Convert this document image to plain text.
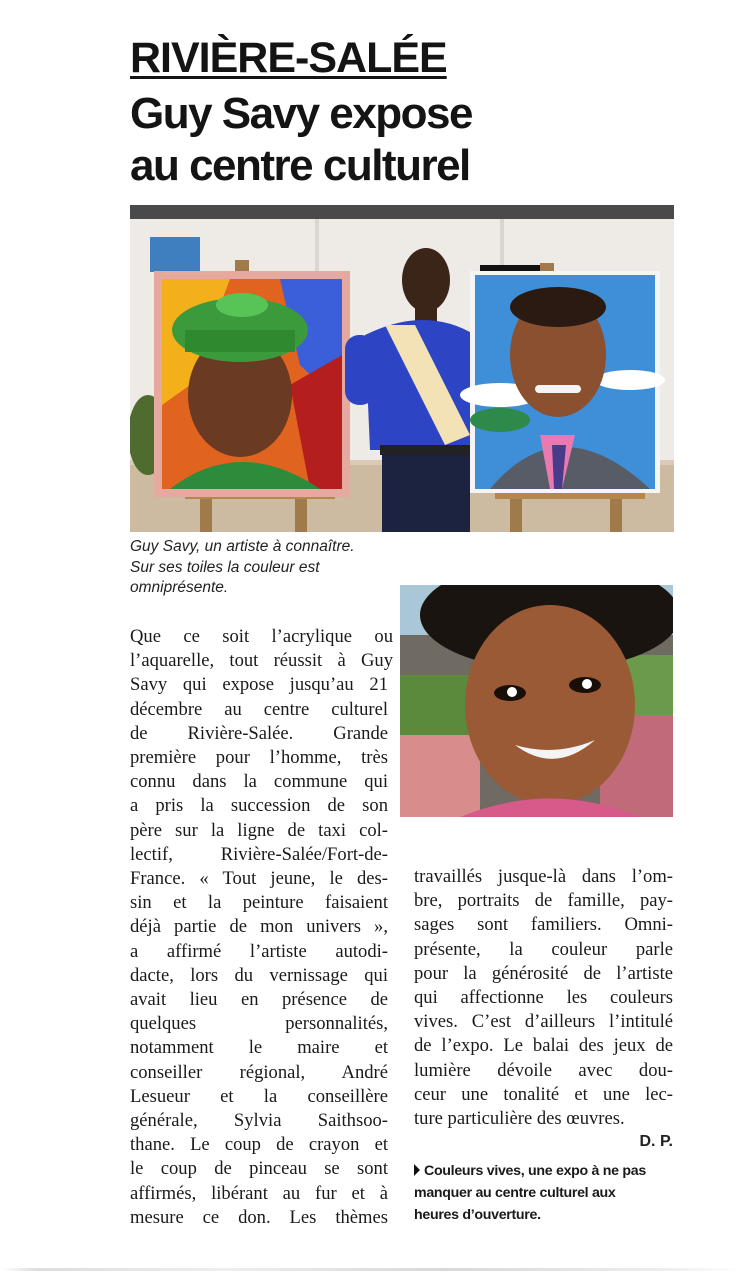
RIVIÈRE-SALÉE
Guy Savy expose
au centre culturel
Guy Savy, un artiste à connaître.
Sur ses toiles la couleur est
omniprésente.
Que ce soit l’acrylique ou
l’aquarelle, tout réussit à Guy
Savy qui expose jusqu’au 21
décembre au centre culturel
de Rivière-Salée. Grande
première pour l’homme, très
connu dans la commune qui
a pris la succession de son
père sur la ligne de taxi col-
lectif, Rivière-Salée/Fort-de-
France. « Tout jeune, le des-
sin et la peinture faisaient
déjà partie de mon univers »,
a affirmé l’artiste autodi-
dacte, lors du vernissage qui
avait lieu en présence de
quelques personnalités,
notamment le maire et
conseiller régional, André
Lesueur et la conseillère
générale, Sylvia Saithsoo-
thane. Le coup de crayon et
le coup de pinceau se sont
affirmés, libérant au fur et à
mesure ce don. Les thèmes
travaillés jusque-là dans l’om-
bre, portraits de famille, pay-
sages sont familiers. Omni-
présente, la couleur parle
pour la générosité de l’artiste
qui affectionne les couleurs
vives. C’est d’ailleurs l’intitulé
de l’expo. Le balai des jeux de
lumière dévoile avec dou-
ceur une tonalité et une lec-
ture particulière des œuvres.
D. P.
Couleurs vives, une expo à ne pas
manquer au centre culturel aux
heures d’ouverture.
